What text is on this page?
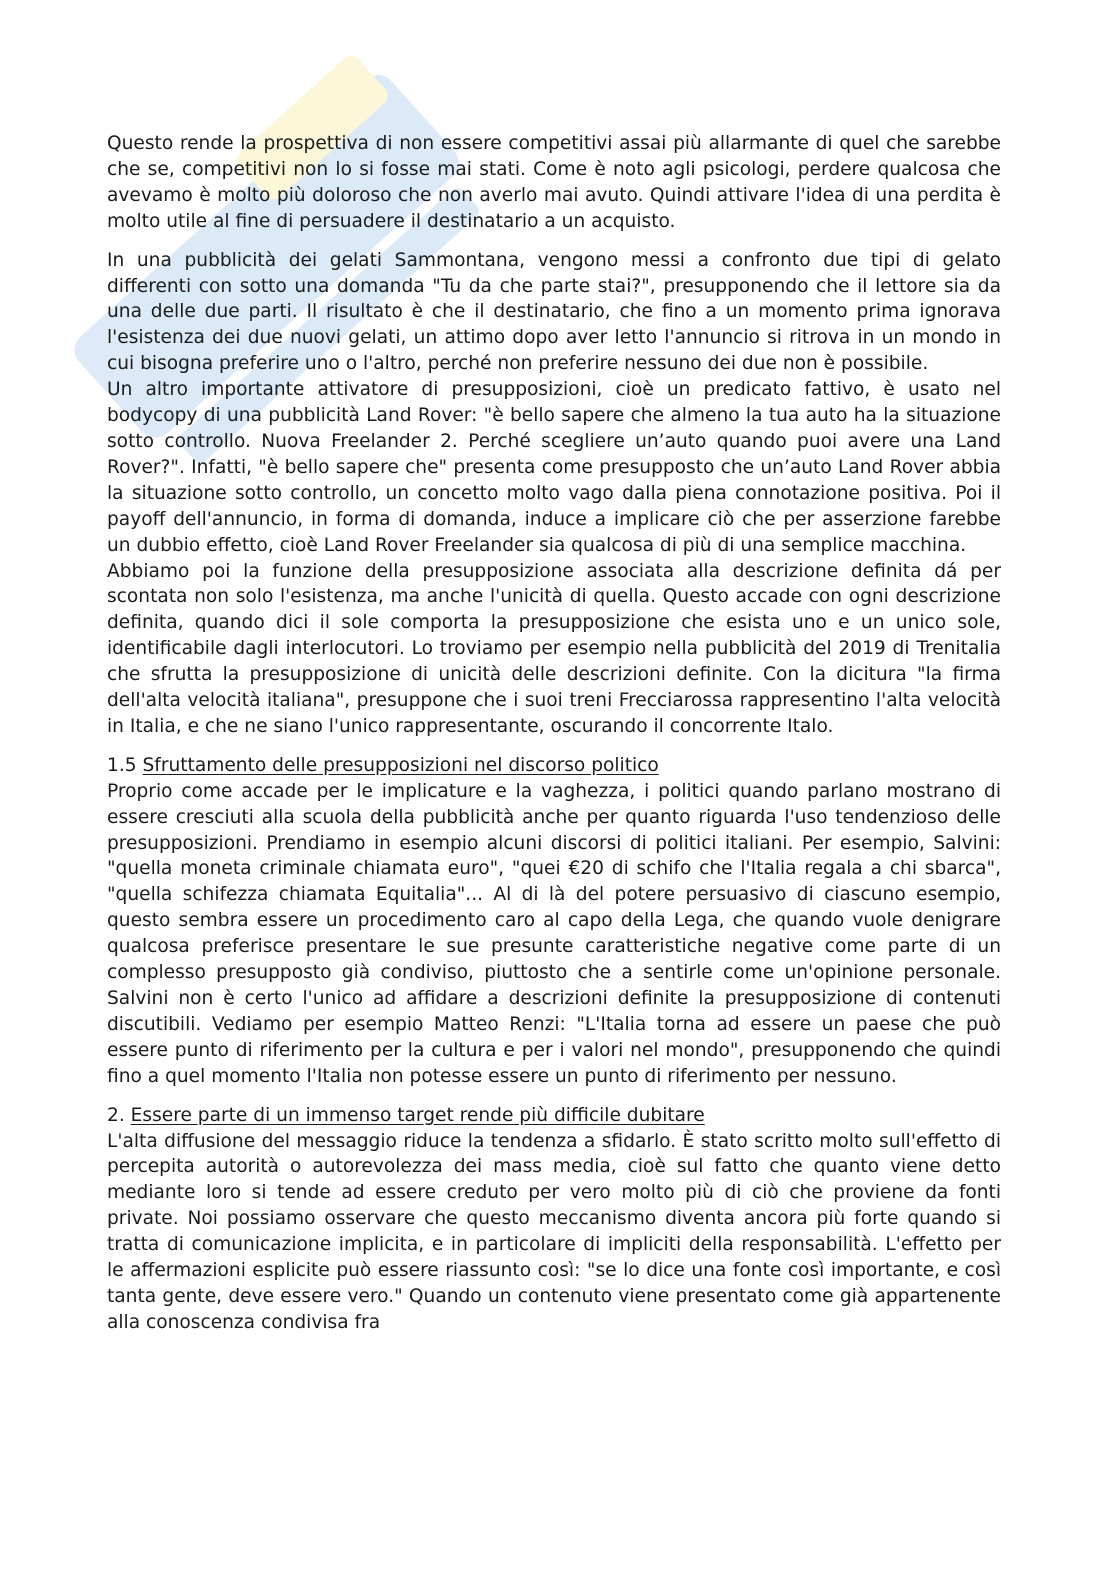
Questo rende la prospettiva di non essere competitivi assai più allarmante di quel che sarebbe che se, competitivi non lo si fosse mai stati. Come è noto agli psicologi, perdere qualcosa che avevamo è molto più doloroso che non averlo mai avuto. Quindi attivare l'idea di una perdita è molto utile al fine di persuadere il destinatario a un acquisto.

In una pubblicità dei gelati Sammontana, vengono messi a confronto due tipi di gelato differenti con sotto una domanda "Tu da che parte stai?", presupponendo che il lettore sia da una delle due parti. Il risultato è che il destinatario, che fino a un momento prima ignorava l'esistenza dei due nuovi gelati, un attimo dopo aver letto l'annuncio si ritrova in un mondo in cui bisogna preferire uno o l'altro, perché non preferire nessuno dei due non è possibile.

Un altro importante attivatore di presupposizioni, cioè un predicato fattivo, è usato nel bodycopy di una pubblicità Land Rover: "è bello sapere che almeno la tua auto ha la situazione sotto controllo. Nuova Freelander 2. Perché scegliere un’auto quando puoi avere una Land Rover?". Infatti, "è bello sapere che" presenta come presupposto che un’auto Land Rover abbia la situazione sotto controllo, un concetto molto vago dalla piena connotazione positiva. Poi il payoff dell'annuncio, in forma di domanda, induce a implicare ciò che per asserzione farebbe un dubbio effetto, cioè Land Rover Freelander sia qualcosa di più di una semplice macchina.

Abbiamo poi la funzione della presupposizione associata alla descrizione definita dá per scontata non solo l'esistenza, ma anche l'unicità di quella. Questo accade con ogni descrizione definita, quando dici il sole comporta la presupposizione che esista uno e un unico sole, identificabile dagli interlocutori. Lo troviamo per esempio nella pubblicità del 2019 di Trenitalia che sfrutta la presupposizione di unicità delle descrizioni definite. Con la dicitura "la firma dell'alta velocità italiana", presuppone che i suoi treni Frecciarossa rappresentino l'alta velocità in Italia, e che ne siano l'unico rappresentante, oscurando il concorrente Italo.

1.5 Sfruttamento delle presupposizioni nel discorso politico

Proprio come accade per le implicature e la vaghezza, i politici quando parlano mostrano di essere cresciuti alla scuola della pubblicità anche per quanto riguarda l'uso tendenzioso delle presupposizioni. Prendiamo in esempio alcuni discorsi di politici italiani. Per esempio, Salvini: "quella moneta criminale chiamata euro", "quei €20 di schifo che l'Italia regala a chi sbarca", "quella schifezza chiamata Equitalia"... Al di là del potere persuasivo di ciascuno esempio, questo sembra essere un procedimento caro al capo della Lega, che quando vuole denigrare qualcosa preferisce presentare le sue presunte caratteristiche negative come parte di un complesso presupposto già condiviso, piuttosto che a sentirle come un'opinione personale. Salvini non è certo l'unico ad affidare a descrizioni definite la presupposizione di contenuti discutibili. Vediamo per esempio Matteo Renzi: "L'Italia torna ad essere un paese che può essere punto di riferimento per la cultura e per i valori nel mondo", presupponendo che quindi fino a quel momento l'Italia non potesse essere un punto di riferimento per nessuno.

2. Essere parte di un immenso target rende più difficile dubitare

L'alta diffusione del messaggio riduce la tendenza a sfidarlo. È stato scritto molto sull'effetto di percepita autorità o autorevolezza dei mass media, cioè sul fatto che quanto viene detto mediante loro si tende ad essere creduto per vero molto più di ciò che proviene da fonti private. Noi possiamo osservare che questo meccanismo diventa ancora più forte quando si tratta di comunicazione implicita, e in particolare di impliciti della responsabilità. L'effetto per le affermazioni esplicite può essere riassunto così: "se lo dice una fonte così importante, e così tanta gente, deve essere vero." Quando un contenuto viene presentato come già appartenente alla conoscenza condivisa fra
